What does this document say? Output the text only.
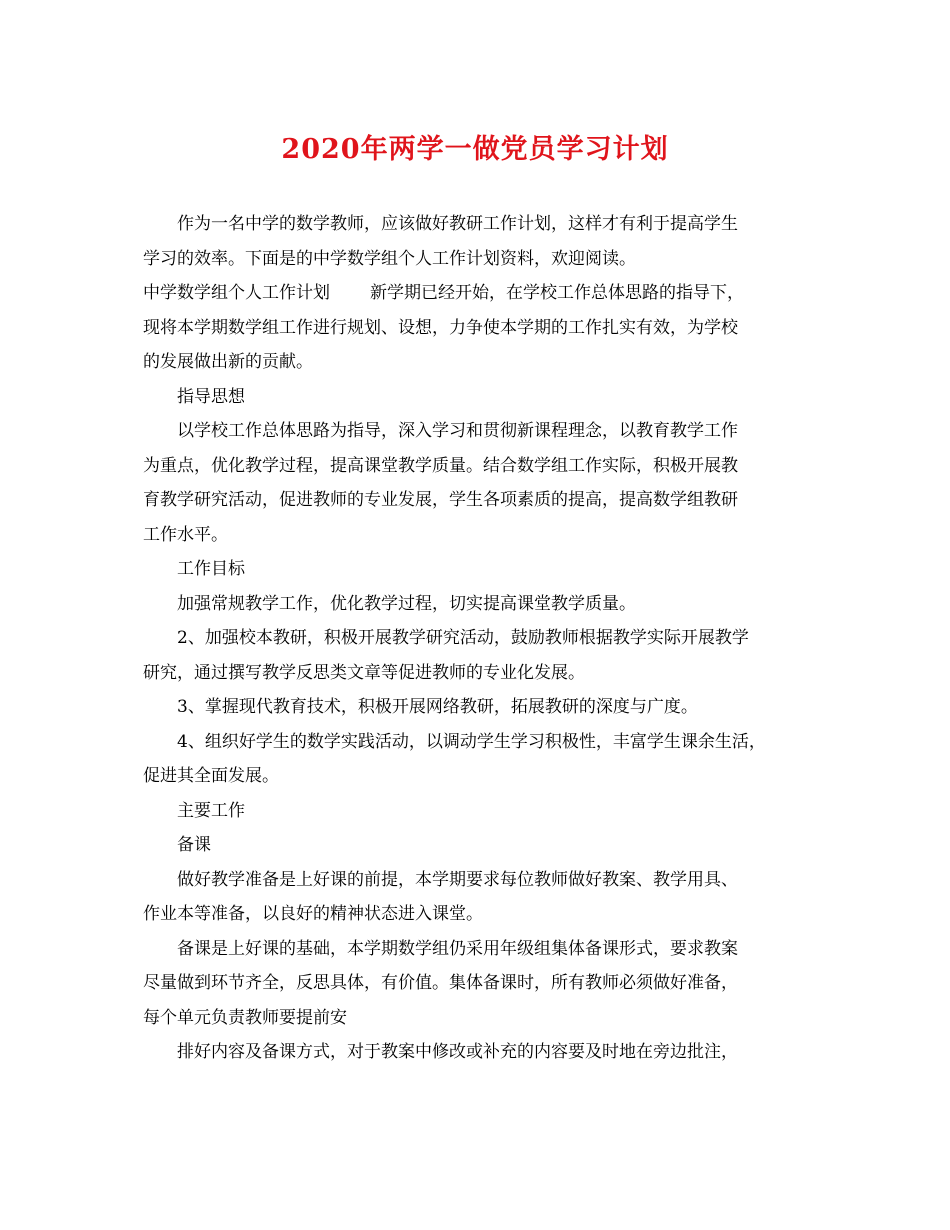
2020年两学一做党员学习计划
作为一名中学的数学教师，应该做好教研工作计划，这样才有利于提高学生
学习的效率。下面是的中学数学组个人工作计划资料，欢迎阅读。
中学数学组个人工作计划 新学期已经开始，在学校工作总体思路的指导下，
现将本学期数学组工作进行规划、设想，力争使本学期的工作扎实有效，为学校
的发展做出新的贡献。
指导思想
以学校工作总体思路为指导，深入学习和贯彻新课程理念，以教育教学工作
为重点，优化教学过程，提高课堂教学质量。结合数学组工作实际，积极开展教
育教学研究活动，促进教师的专业发展，学生各项素质的提高，提高数学组教研
工作水平。
工作目标
加强常规教学工作，优化教学过程，切实提高课堂教学质量。
2、加强校本教研，积极开展教学研究活动，鼓励教师根据教学实际开展教学
研究，通过撰写教学反思类文章等促进教师的专业化发展。
3、掌握现代教育技术，积极开展网络教研，拓展教研的深度与广度。
4、组织好学生的数学实践活动，以调动学生学习积极性，丰富学生课余生活，
促进其全面发展。
主要工作
备课
做好教学准备是上好课的前提，本学期要求每位教师做好教案、教学用具、
作业本等准备，以良好的精神状态进入课堂。
备课是上好课的基础，本学期数学组仍采用年级组集体备课形式，要求教案
尽量做到环节齐全，反思具体，有价值。集体备课时，所有教师必须做好准备，
每个单元负责教师要提前安
排好内容及备课方式，对于教案中修改或补充的内容要及时地在旁边批注，
